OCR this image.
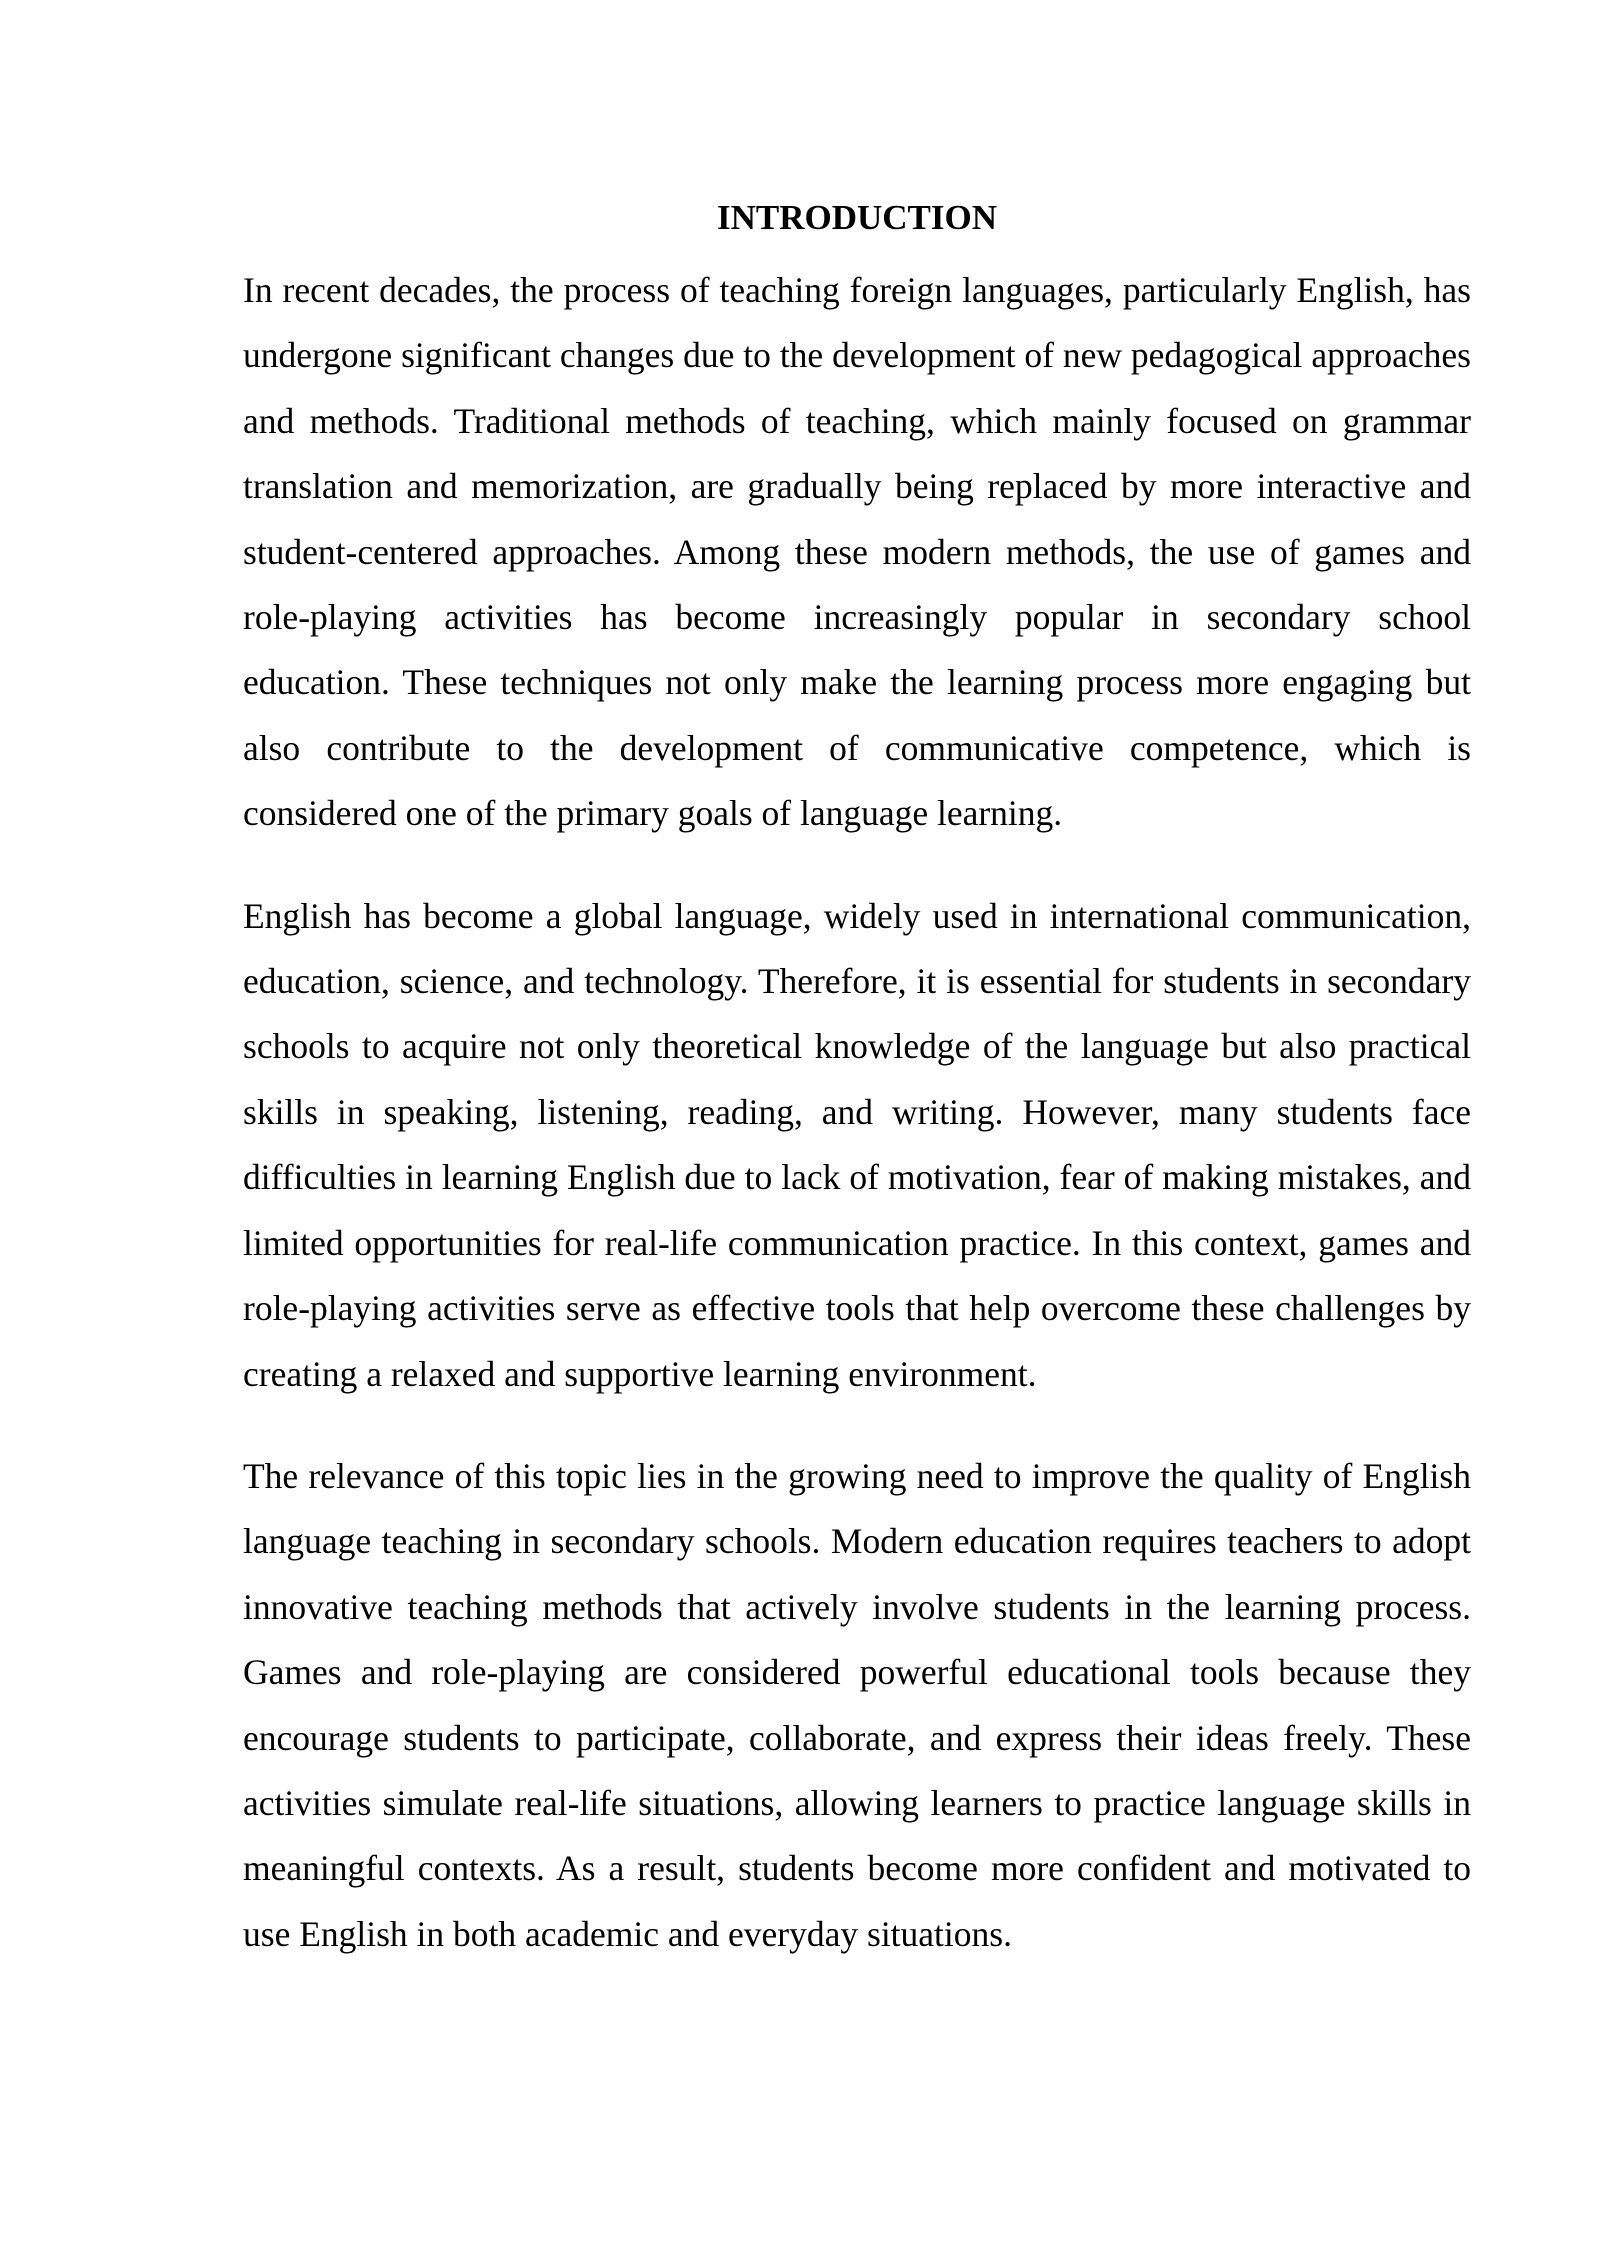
INTRODUCTION

In recent decades, the process of teaching foreign languages, particularly English, has undergone significant changes due to the development of new pedagogical approaches and methods. Traditional methods of teaching, which mainly focused on grammar translation and memorization, are gradually being replaced by more interactive and student-centered approaches. Among these modern methods, the use of games and role-playing activities has become increasingly popular in secondary school education. These techniques not only make the learning process more engaging but also contribute to the development of communicative competence, which is considered one of the primary goals of language learning.

English has become a global language, widely used in international communication, education, science, and technology. Therefore, it is essential for students in secondary schools to acquire not only theoretical knowledge of the language but also practical skills in speaking, listening, reading, and writing. However, many students face difficulties in learning English due to lack of motivation, fear of making mistakes, and limited opportunities for real-life communication practice. In this context, games and role-playing activities serve as effective tools that help overcome these challenges by creating a relaxed and supportive learning environment.

The relevance of this topic lies in the growing need to improve the quality of English language teaching in secondary schools. Modern education requires teachers to adopt innovative teaching methods that actively involve students in the learning process. Games and role-playing are considered powerful educational tools because they encourage students to participate, collaborate, and express their ideas freely. These activities simulate real-life situations, allowing learners to practice language skills in meaningful contexts. As a result, students become more confident and motivated to use English in both academic and everyday situations.
